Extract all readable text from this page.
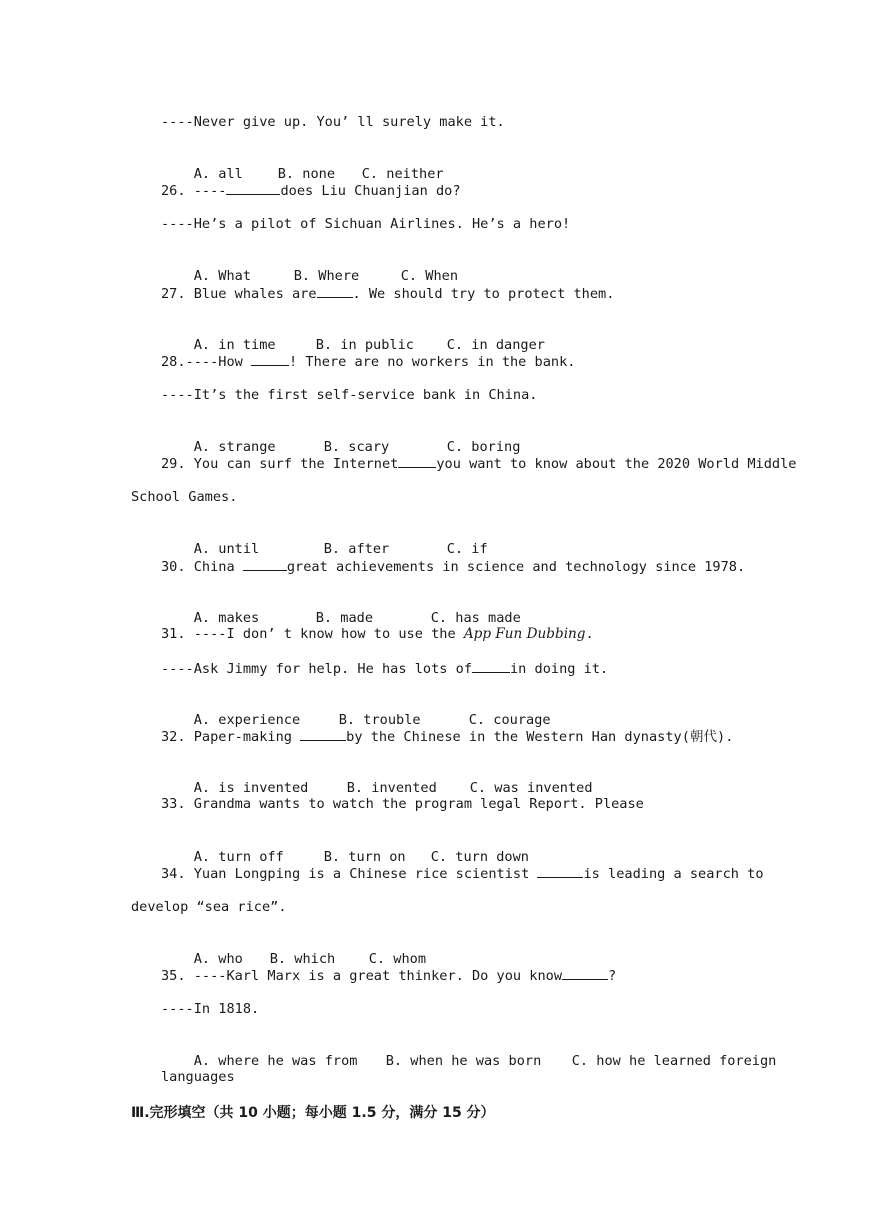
----Never give up. You’ ll surely make it.

A. all	B. none C. neither

26. ----	does Liu Chuanjian do?
----He’s a pilot of Sichuan Airlines. He’s a hero!

A. What	B. Where	C. When

27. Blue whales are	. We should try to protect them.

A. in time	B. in public C. in danger

28.----How	! There are no workers in the bank.
----It’s the first self-service bank in China.

A. strange	B. scary	C. boring

29. You can surf the Internet	you want to know about the 2020 World Middle
School Games.

A. until	B. after	C. if

30. China	great achievements in science and technology since 1978.

A. makes	B. made	C. has made

31. ----I don’ t know how to use the App Fun Dubbing.
----Ask Jimmy for help. He has lots of	in doing it.

A. experience	B. trouble	C. courage

32. Paper-making	by the Chinese in the Western Han dynasty(朝代).

A. is invented	B. invented C. was invented

33. Grandma wants to watch the program legal Report. Please

A. turn off	B. turn on C. turn down

34. Yuan Longping is a Chinese rice scientist	is leading a search to
develop “sea rice”.

A. who B. which C. whom

35. ----Karl Marx is a great thinker. Do you know	?
----In 1818.

A. where he was from B. when he was born C. how he learned foreign

languages
Ⅲ.完形填空（共 10 小题；每小题 1.5 分，满分 15 分）
